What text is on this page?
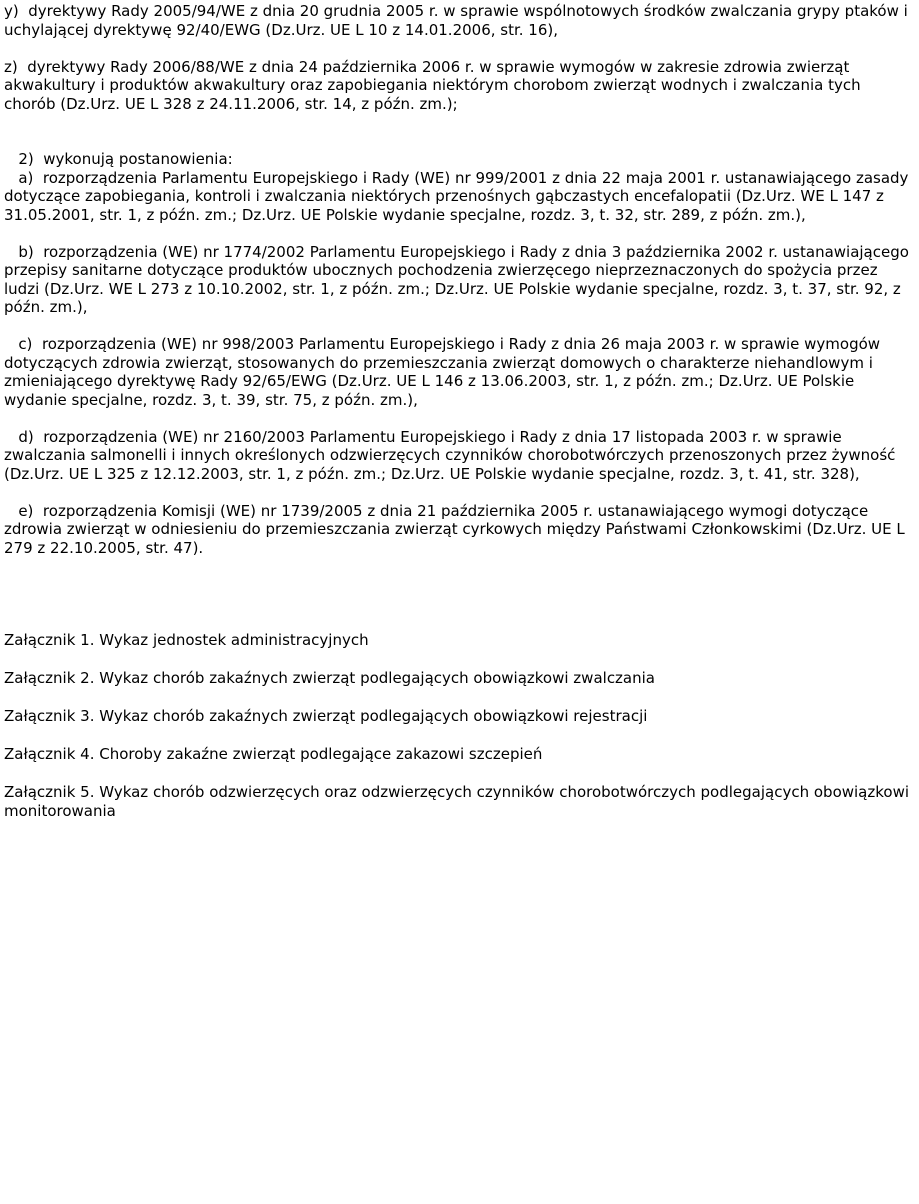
y)  dyrektywy Rady 2005/94/WE z dnia 20 grudnia 2005 r. w sprawie wspólnotowych środków zwalczania grypy ptaków i uchylającej dyrektywę 92/40/EWG (Dz.Urz. UE L 10 z 14.01.2006, str. 16),

z)  dyrektywy Rady 2006/88/WE z dnia 24 października 2006 r. w sprawie wymogów w zakresie zdrowia zwierząt akwakultury i produktów akwakultury oraz zapobiegania niektórym chorobom zwierząt wodnych i zwalczania tych chorób (Dz.Urz. UE L 328 z 24.11.2006, str. 14, z późn. zm.);

2)  wykonują postanowienia:

a)  rozporządzenia Parlamentu Europejskiego i Rady (WE) nr 999/2001 z dnia 22 maja 2001 r. ustanawiającego zasady dotyczące zapobiegania, kontroli i zwalczania niektórych przenośnych gąbczastych encefalopatii (Dz.Urz. WE L 147 z 31.05.2001, str. 1, z późn. zm.; Dz.Urz. UE Polskie wydanie specjalne, rozdz. 3, t. 32, str. 289, z późn. zm.),

b)  rozporządzenia (WE) nr 1774/2002 Parlamentu Europejskiego i Rady z dnia 3 października 2002 r. ustanawiającego przepisy sanitarne dotyczące produktów ubocznych pochodzenia zwierzęcego nieprzeznaczonych do spożycia przez ludzi (Dz.Urz. WE L 273 z 10.10.2002, str. 1, z późn. zm.; Dz.Urz. UE Polskie wydanie specjalne, rozdz. 3, t. 37, str. 92, z późn. zm.),

c)  rozporządzenia (WE) nr 998/2003 Parlamentu Europejskiego i Rady z dnia 26 maja 2003 r. w sprawie wymogów dotyczących zdrowia zwierząt, stosowanych do przemieszczania zwierząt domowych o charakterze niehandlowym i zmieniającego dyrektywę Rady 92/65/EWG (Dz.Urz. UE L 146 z 13.06.2003, str. 1, z późn. zm.; Dz.Urz. UE Polskie wydanie specjalne, rozdz. 3, t. 39, str. 75, z późn. zm.),

d)  rozporządzenia (WE) nr 2160/2003 Parlamentu Europejskiego i Rady z dnia 17 listopada 2003 r. w sprawie zwalczania salmonelli i innych określonych odzwierzęcych czynników chorobotwórczych przenoszonych przez żywność (Dz.Urz. UE L 325 z 12.12.2003, str. 1, z późn. zm.; Dz.Urz. UE Polskie wydanie specjalne, rozdz. 3, t. 41, str. 328),

e)  rozporządzenia Komisji (WE) nr 1739/2005 z dnia 21 października 2005 r. ustanawiającego wymogi dotyczące zdrowia zwierząt w odniesieniu do przemieszczania zwierząt cyrkowych między Państwami Członkowskimi (Dz.Urz. UE L 279 z 22.10.2005, str. 47).

Załącznik 1. Wykaz jednostek administracyjnych

Załącznik 2. Wykaz chorób zakaźnych zwierząt podlegających obowiązkowi zwalczania

Załącznik 3. Wykaz chorób zakaźnych zwierząt podlegających obowiązkowi rejestracji

Załącznik 4. Choroby zakaźne zwierząt podlegające zakazowi szczepień

Załącznik 5. Wykaz chorób odzwierzęcych oraz odzwierzęcych czynników chorobotwórczych podlegających obowiązkowi monitorowania
